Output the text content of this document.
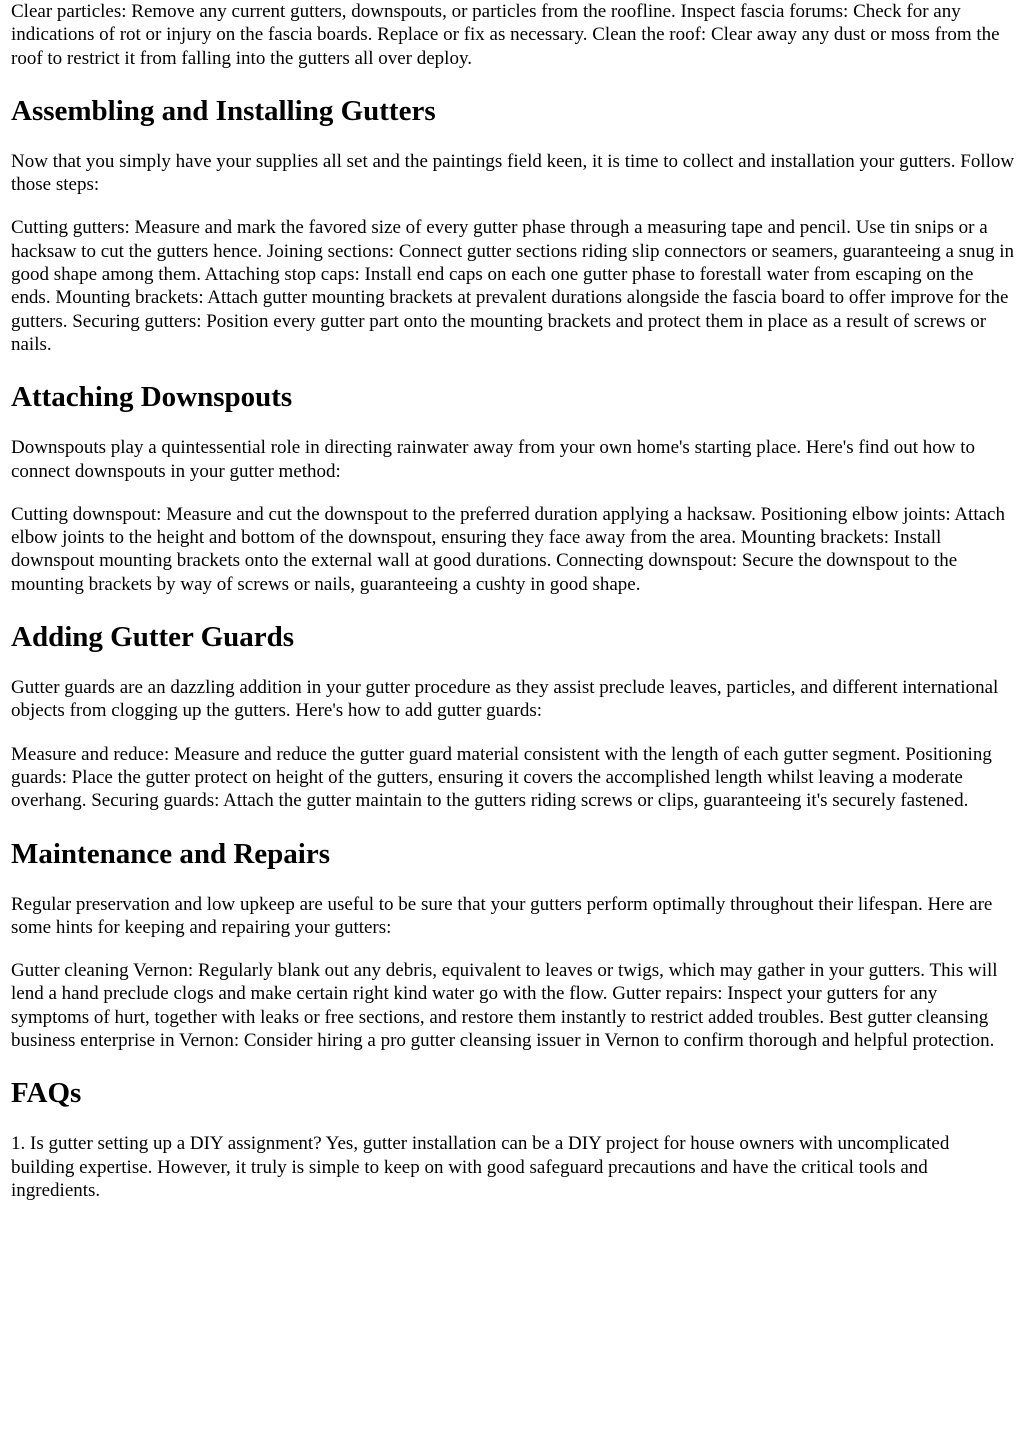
Clear particles: Remove any current gutters, downspouts, or particles from the roofline. Inspect fascia forums: Check for any indications of rot or injury on the fascia boards. Replace or fix as necessary. Clean the roof: Clear away any dust or moss from the roof to restrict it from falling into the gutters all over deploy.

Assembling and Installing Gutters

Now that you simply have your supplies all set and the paintings field keen, it is time to collect and installation your gutters. Follow those steps:

Cutting gutters: Measure and mark the favored size of every gutter phase through a measuring tape and pencil. Use tin snips or a hacksaw to cut the gutters hence. Joining sections: Connect gutter sections riding slip connectors or seamers, guaranteeing a snug in good shape among them. Attaching stop caps: Install end caps on each one gutter phase to forestall water from escaping on the ends. Mounting brackets: Attach gutter mounting brackets at prevalent durations alongside the fascia board to offer improve for the gutters. Securing gutters: Position every gutter part onto the mounting brackets and protect them in place as a result of screws or nails.

Attaching Downspouts

Downspouts play a quintessential role in directing rainwater away from your own home's starting place. Here's find out how to connect downspouts in your gutter method:

Cutting downspout: Measure and cut the downspout to the preferred duration applying a hacksaw. Positioning elbow joints: Attach elbow joints to the height and bottom of the downspout, ensuring they face away from the area. Mounting brackets: Install downspout mounting brackets onto the external wall at good durations. Connecting downspout: Secure the downspout to the mounting brackets by way of screws or nails, guaranteeing a cushty in good shape.

Adding Gutter Guards

Gutter guards are an dazzling addition in your gutter procedure as they assist preclude leaves, particles, and different international objects from clogging up the gutters. Here's how to add gutter guards:

Measure and reduce: Measure and reduce the gutter guard material consistent with the length of each gutter segment. Positioning guards: Place the gutter protect on height of the gutters, ensuring it covers the accomplished length whilst leaving a moderate overhang. Securing guards: Attach the gutter maintain to the gutters riding screws or clips, guaranteeing it's securely fastened.

Maintenance and Repairs

Regular preservation and low upkeep are useful to be sure that your gutters perform optimally throughout their lifespan. Here are some hints for keeping and repairing your gutters:

Gutter cleaning Vernon: Regularly blank out any debris, equivalent to leaves or twigs, which may gather in your gutters. This will lend a hand preclude clogs and make certain right kind water go with the flow. Gutter repairs: Inspect your gutters for any symptoms of hurt, together with leaks or free sections, and restore them instantly to restrict added troubles. Best gutter cleansing business enterprise in Vernon: Consider hiring a pro gutter cleansing issuer in Vernon to confirm thorough and helpful protection.

FAQs

1. Is gutter setting up a DIY assignment? Yes, gutter installation can be a DIY project for house owners with uncomplicated building expertise. However, it truly is simple to keep on with good safeguard precautions and have the critical tools and ingredients.
